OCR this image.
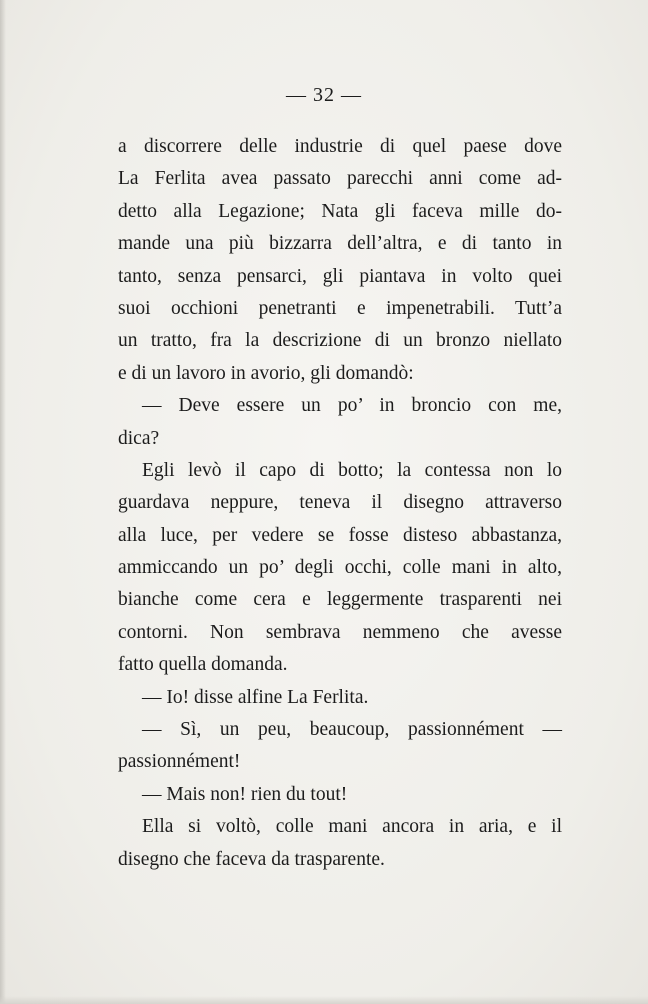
— 32 —
a discorrere delle industrie di quel paese dove
La Ferlita avea passato parecchi anni come ad-
detto alla Legazione; Nata gli faceva mille do-
mande una più bizzarra dell’altra, e di tanto in
tanto, senza pensarci, gli piantava in volto quei
suoi occhioni penetranti e impenetrabili. Tutt’a
un tratto, fra la descrizione di un bronzo niellato
e di un lavoro in avorio, gli domandò:
— Deve essere un po’ in broncio con me,
dica?
Egli levò il capo di botto; la contessa non lo
guardava neppure, teneva il disegno attraverso
alla luce, per vedere se fosse disteso abbastanza,
ammiccando un po’ degli occhi, colle mani in alto,
bianche come cera e leggermente trasparenti nei
contorni. Non sembrava nemmeno che avesse
fatto quella domanda.
— Io! disse alfine La Ferlita.
— Sì, un peu, beaucoup, passionnément —
passionnément!
— Mais non! rien du tout!
Ella si voltò, colle mani ancora in aria, e il
disegno che faceva da trasparente.
